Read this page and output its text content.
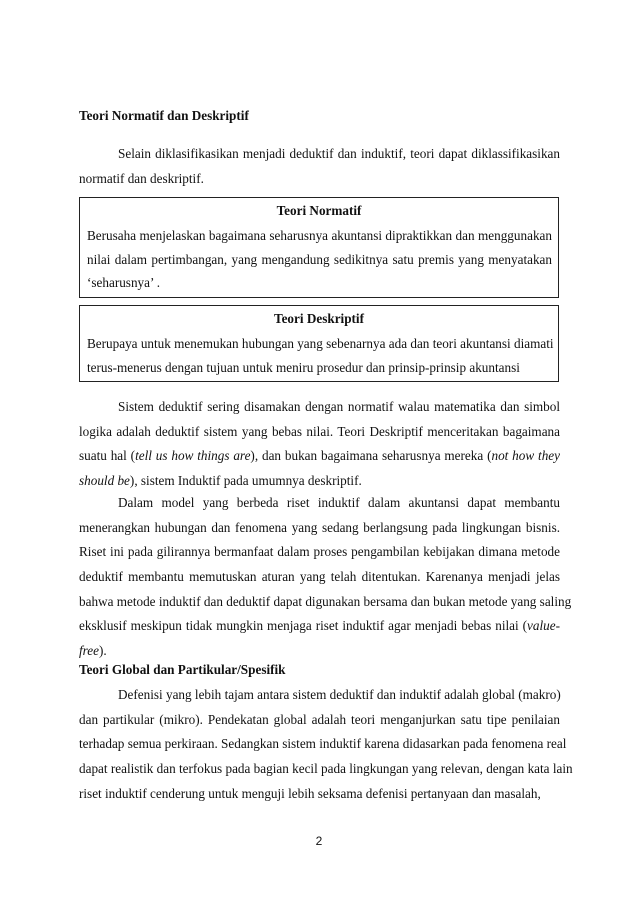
Teori Normatif dan Deskriptif
Selain diklasifikasikan menjadi deduktif dan induktif, teori dapat diklassifikasikan
normatif dan deskriptif.
Teori Normatif
Berusaha menjelaskan bagaimana seharusnya akuntansi dipraktikkan dan menggunakan
nilai dalam pertimbangan, yang mengandung sedikitnya satu premis yang menyatakan
‘seharusnya’ .
Teori Deskriptif
Berupaya untuk menemukan hubungan yang sebenarnya ada dan teori akuntansi diamati
terus-menerus dengan tujuan untuk meniru prosedur dan prinsip-prinsip akuntansi
Sistem deduktif sering disamakan dengan normatif walau matematika dan simbol
logika adalah deduktif sistem yang bebas nilai. Teori Deskriptif menceritakan bagaimana
suatu hal (tell us how things are), dan bukan bagaimana seharusnya mereka (not how they
should be), sistem Induktif pada umumnya deskriptif.
Dalam model yang berbeda riset induktif dalam akuntansi dapat membantu
menerangkan hubungan dan fenomena yang sedang berlangsung pada lingkungan bisnis.
Riset ini pada gilirannya bermanfaat dalam proses pengambilan kebijakan dimana metode
deduktif membantu memutuskan aturan yang telah ditentukan. Karenanya menjadi jelas
bahwa metode induktif dan deduktif dapat digunakan bersama dan bukan metode yang saling
eksklusif meskipun tidak mungkin menjaga riset induktif agar menjadi bebas nilai (value-
free).
Teori Global dan Partikular/Spesifik
Defenisi yang lebih tajam antara sistem deduktif dan induktif adalah global (makro)
dan partikular (mikro). Pendekatan global adalah teori menganjurkan satu tipe penilaian
terhadap semua perkiraan. Sedangkan sistem induktif karena didasarkan pada fenomena real
dapat realistik dan terfokus pada bagian kecil pada lingkungan yang relevan, dengan kata lain
riset induktif cenderung untuk menguji lebih seksama defenisi pertanyaan dan masalah,
2
